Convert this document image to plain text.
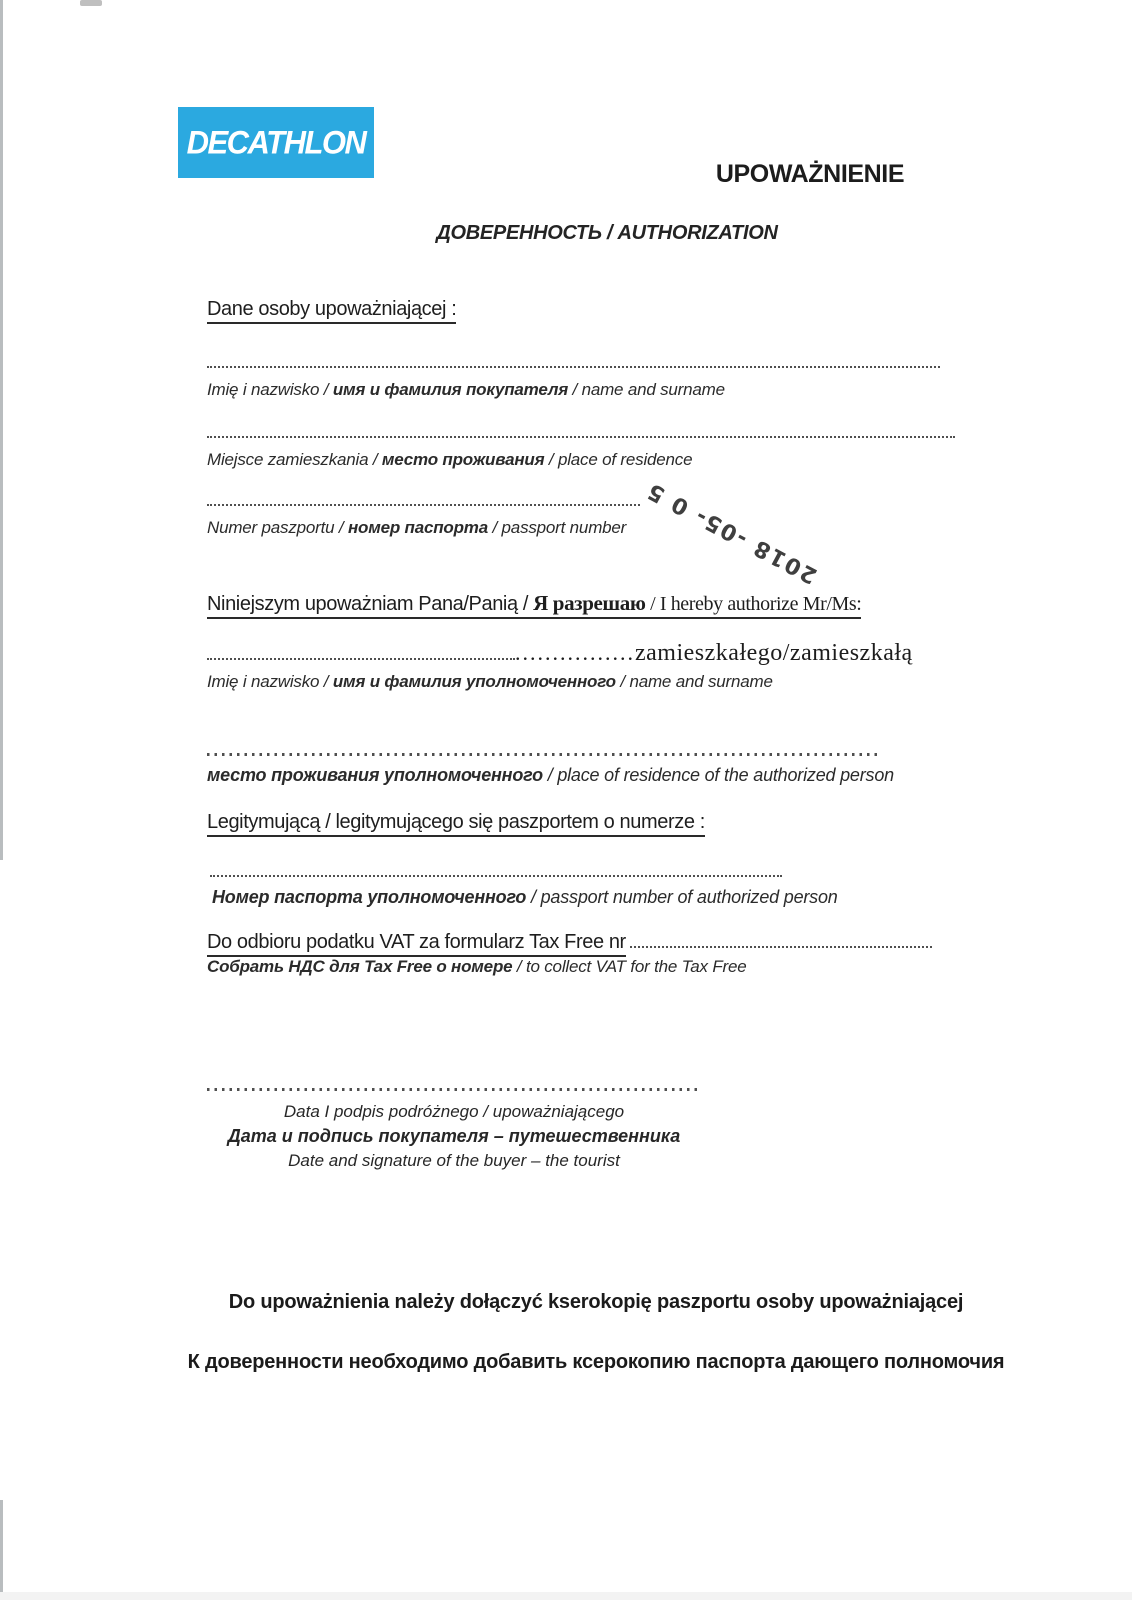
DECATHLON
UPOWAŻNIENIE
ДОВЕРЕННОСТЬ / AUTHORIZATION
Dane osoby upoważniającej :
Imię i nazwisko / имя и фамилия покупателя / name and surname
Miejsce zamieszkania / место проживания / place of residence
Numer paszportu / номер паспорта / passport number 2018 -05- 0 5
Niniejszym upoważniam Pana/Panią / Я разрешаю / I hereby authorize Mr/Ms:
................zamieszkałego/zamieszkałą
Imię i nazwisko / имя и фамилия уполномоченного / name and surname
место проживания уполномоченного / place of residence of the authorized person
Legitymującą / legitymującego się paszportem o numerze :
Номер паспорта уполномоченного / passport number of authorized person
Do odbioru podatku VAT za formularz Tax Free nr
Собрать НДС для Tax Free о номере / to collect VAT for the Tax Free
Data I podpis podróżnego / upoważniającego
Дата и подпись покупателя – путешественника
Date and signature of the buyer – the tourist
Do upoważnienia należy dołączyć kserokopię paszportu osoby upoważniającej
К доверенности необходимо добавить ксерокопию паспорта дающего полномочия
